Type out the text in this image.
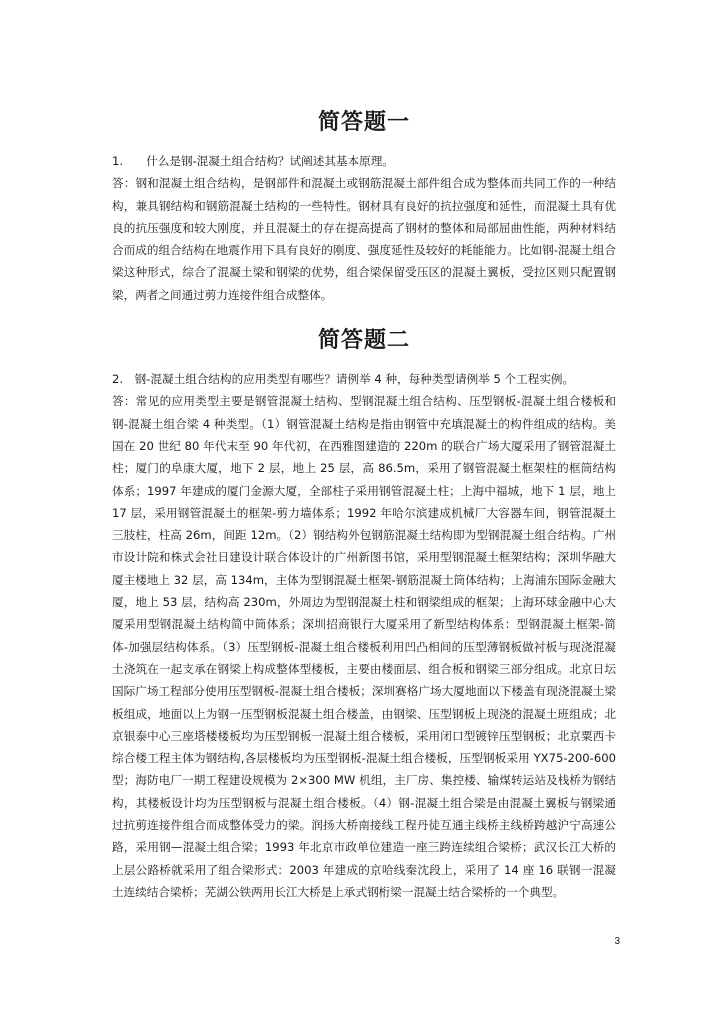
简答题一

1.　　什么是钢-混凝土组合结构？试阐述其基本原理。

答：钢和混凝土组合结构，是钢部件和混凝土或钢筋混凝土部件组合成为整体而共同工作的一种结构，兼具钢结构和钢筋混凝土结构的一些特性。钢材具有良好的抗拉强度和延性，而混凝土具有优良的抗压强度和较大刚度，并且混凝土的存在提高提高了钢材的整体和局部屈曲性能，两种材料结合而成的组合结构在地震作用下具有良好的刚度、强度延性及较好的耗能能力。比如钢-混凝土组合梁这种形式，综合了混凝土梁和钢梁的优势，组合梁保留受压区的混凝土翼板，受拉区则只配置钢梁，两者之间通过剪力连接件组合成整体。

简答题二

2.　钢-混凝土组合结构的应用类型有哪些？请例举 4 种，每种类型请例举 5 个工程实例。

答：常见的应用类型主要是钢管混凝土结构、型钢混凝土组合结构、压型钢板-混凝土组合楼板和钢-混凝土组合梁 4 种类型。（1）钢管混凝土结构是指由钢管中充填混凝土的构件组成的结构。美国在 20 世纪 80 年代末至 90 年代初，在西雅图建造的 220m 的联合广场大厦采用了钢管混凝土柱；厦门的阜康大厦，地下 2 层，地上 25 层，高 86.5m，采用了钢管混凝土框架柱的框筒结构体系；1997 年建成的厦门金源大厦，全部柱子采用钢管混凝土柱；上海中福城，地下 1 层，地上 17 层，采用钢管混凝土的框架-剪力墙体系；1992 年哈尔滨建成机械厂大容器车间，钢管混凝土三肢柱，柱高 26m，间距 12m。（2）钢结构外包钢筋混凝土结构即为型钢混凝土组合结构。广州市设计院和株式会社日建设计联合体设计的广州新图书馆，采用型钢混凝土框架结构；深圳华融大厦主楼地上 32 层，高 134m，主体为型钢混凝土框架-钢筋混凝土筒体结构；上海浦东国际金融大厦，地上 53 层，结构高 230m，外周边为型钢混凝土柱和钢梁组成的框架；上海环球金融中心大厦采用型钢混凝土结构简中筒体系；深圳招商银行大厦采用了新型结构体系：型钢混凝土框架-简体-加强层结构体系。（3）压型钢板-混凝土组合楼板利用凹凸相间的压型薄钢板做衬板与现浇混凝土浇筑在一起支承在钢梁上构成整体型楼板，主要由楼面层、组合板和钢梁三部分组成。北京日坛国际广场工程部分使用压型钢板-混凝土组合楼板；深圳赛格广场大厦地面以下楼盖有现浇混凝土梁板组成，地面以上为钢一压型钢板混凝土组合楼盖，由钢梁、压型钢板上现浇的混凝土班组成；北京银泰中心三座塔楼楼板均为压型钢板一混凝土组合楼板，采用闭口型镀锌压型钢板；北京粟西卡综合楼工程主体为钢结构,各层楼板均为压型钢板-混凝土组合楼板，压型钢板采用 YX75-200-600 型；海防电厂一期工程建设规模为 2×300 MW 机组，主厂房、集控楼、输煤转运站及栈桥为钢结构，其楼板设计均为压型钢板与混凝土组合楼板。（4）钢-混凝土组合梁是由混凝土翼板与钢梁通过抗剪连接件组合而成整体受力的梁。润扬大桥南接线工程丹徒互通主线桥主线桥跨越沪宁高速公路，采用钢—混凝土组合梁；1993 年北京市政单位建造一座三跨连续组合梁桥；武汉长江大桥的上层公路桥就采用了组合梁形式：2003 年建成的京哈线秦沈段上，采用了 14 座 16 联钢一混凝土连续结合梁桥；芜湖公铁两用长江大桥是上承式钢桁梁一混凝土结合梁桥的一个典型。

3
